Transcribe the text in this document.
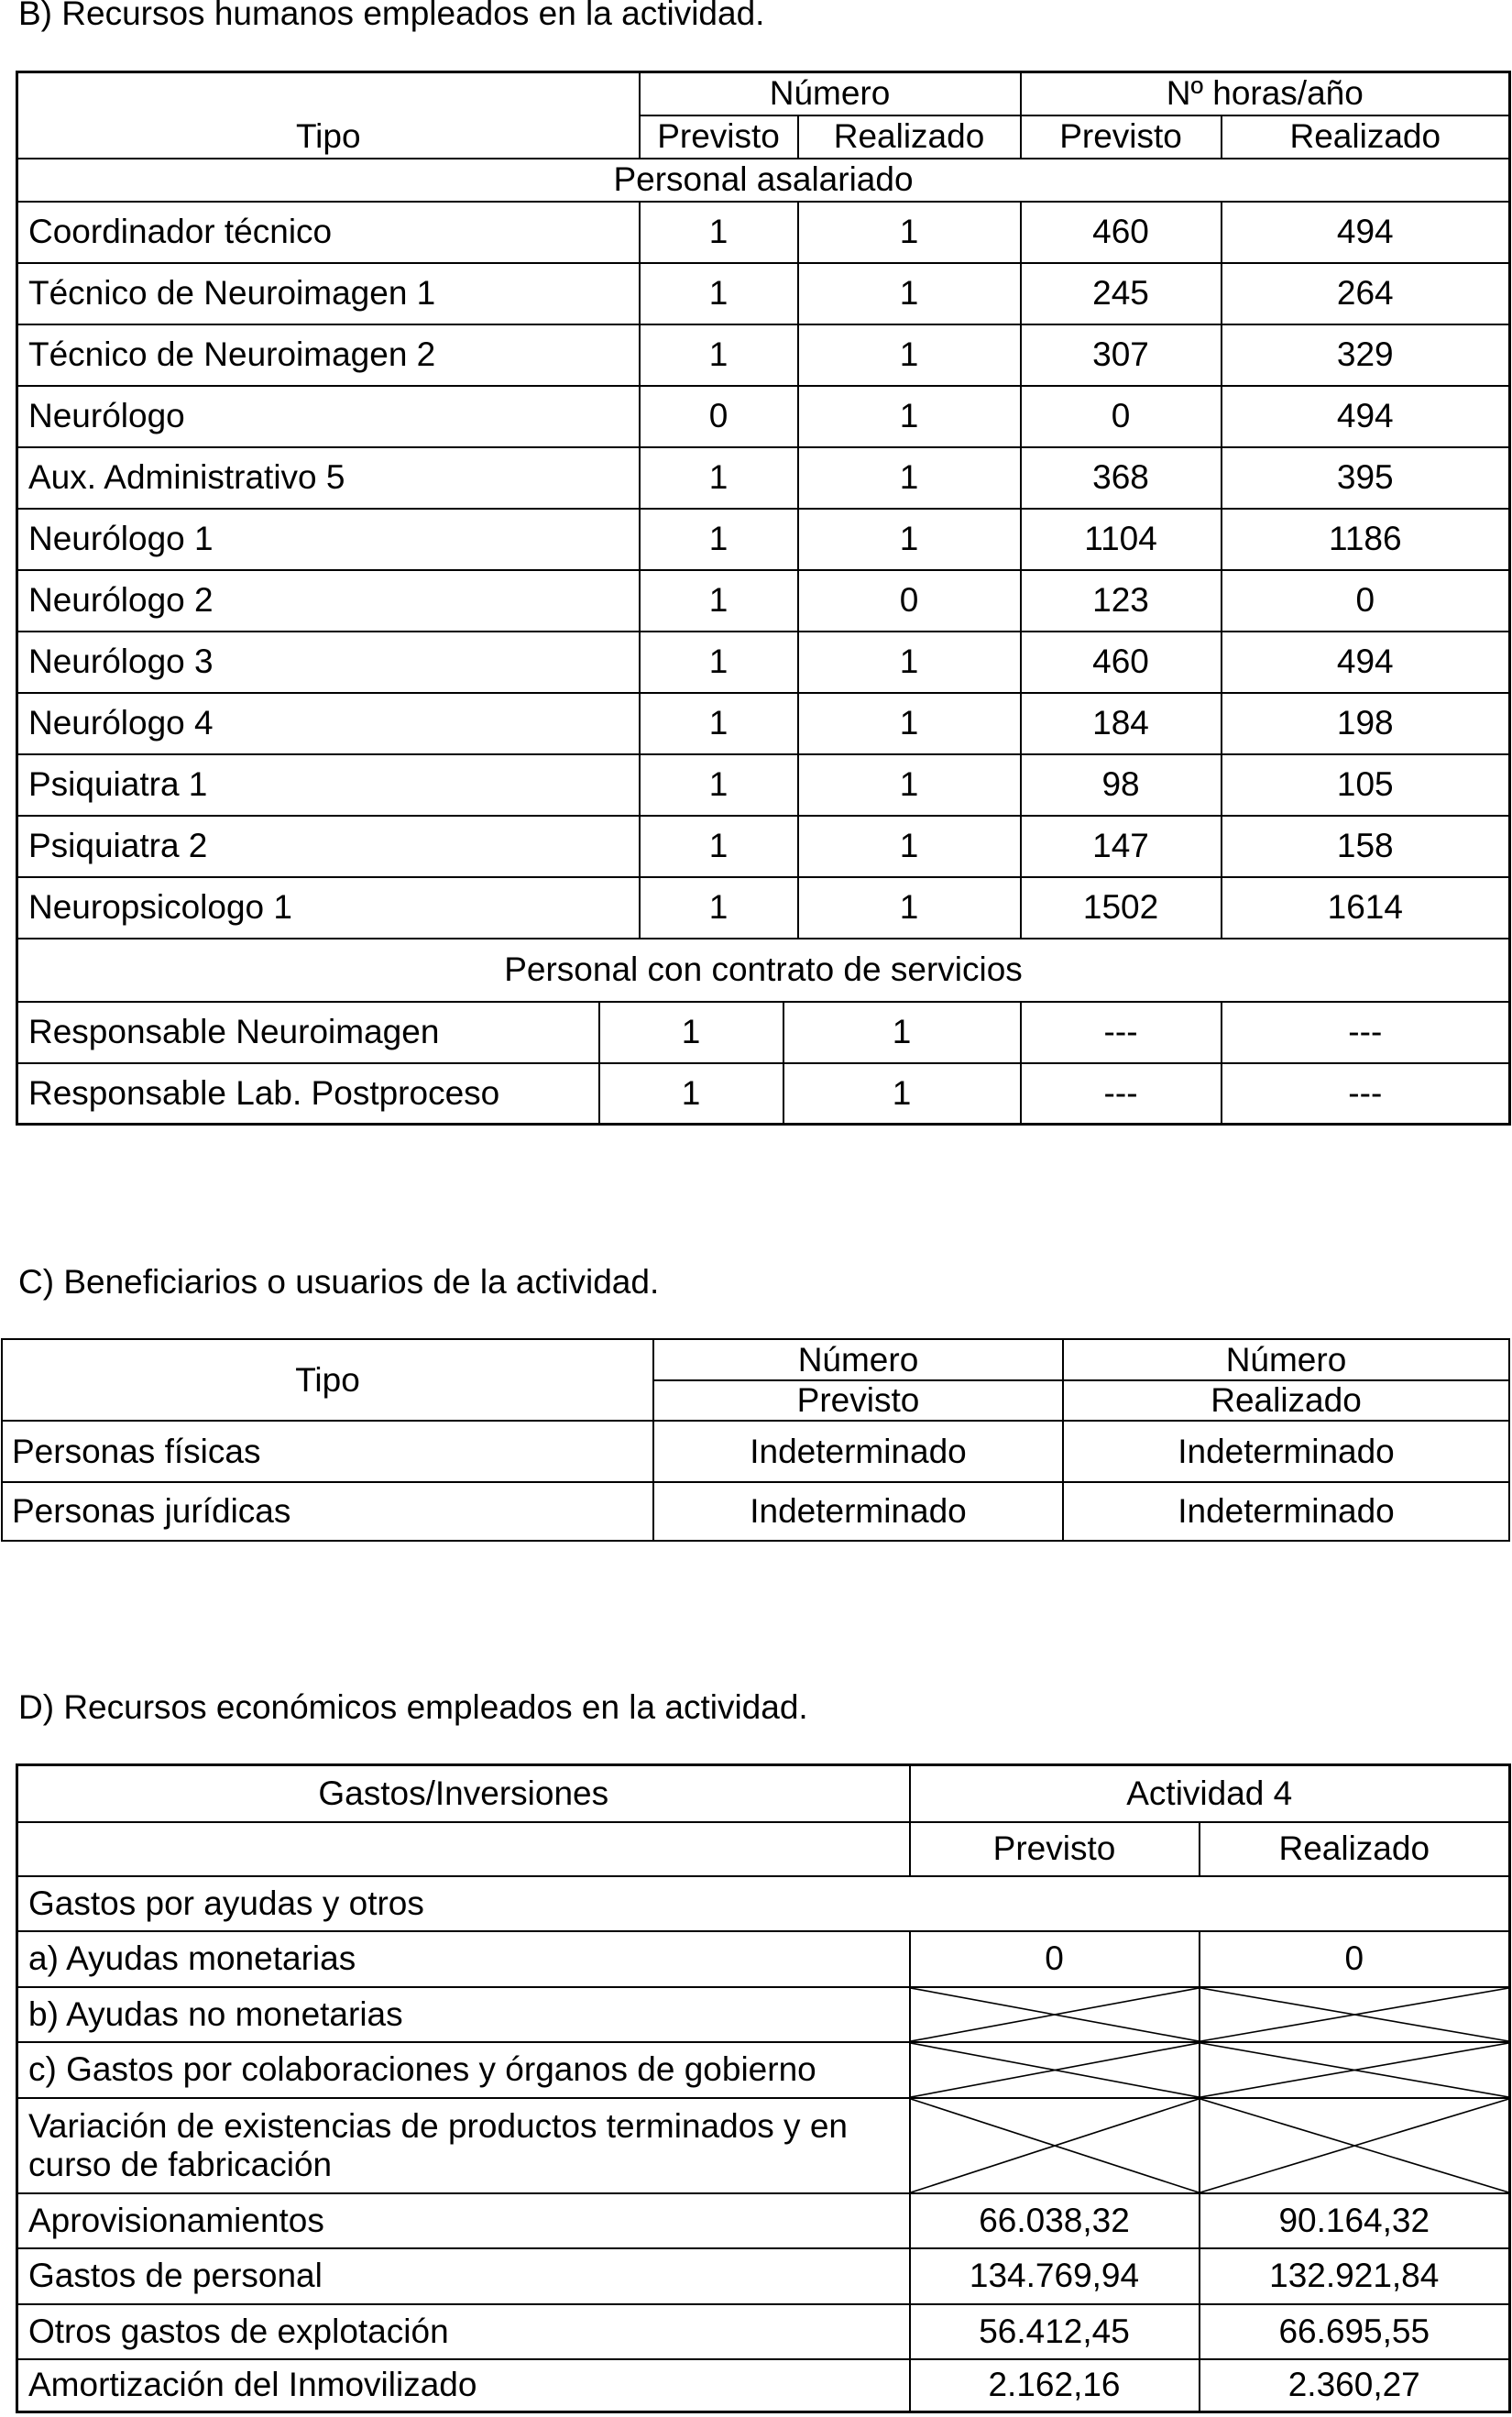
B) Recursos humanos empleados en la actividad.
Tipo		Número			Nº horas/año	
		Previsto		Realizado	Previsto	Realizado
Personal asalariado						
Coordinador técnico		1		1	460	494
Técnico de Neuroimagen 1		1		1	245	264
Técnico de Neuroimagen 2		1		1	307	329
Neurólogo		0		1	0	494
Aux. Administrativo 5		1		1	368	395
Neurólogo 1		1		1	1104	1186
Neurólogo 2		1		0	123	0
Neurólogo 3		1		1	460	494
Neurólogo 4		1		1	184	198
Psiquiatra 1		1		1	98	105
Psiquiatra 2		1		1	147	158
Neuropsicologo 1		1		1	1502	1614
Personal con contrato de servicios						
Responsable Neuroimagen	1		1		---	---
Responsable Lab. Postproceso	1		1		---	---
C) Beneficiarios o usuarios de la actividad.
Tipo	Número	Número
	Previsto	Realizado
Personas físicas	Indeterminado	Indeterminado
Personas jurídicas	Indeterminado	Indeterminado
D) Recursos económicos empleados en la actividad.
Gastos/Inversiones	Actividad 4	
	Previsto	Realizado
Gastos por ayudas y otros		
a) Ayudas monetarias	0	0
b) Ayudas no monetarias	

c) Gastos por colaboraciones y órganos de gobierno	

Variación de existencias de productos terminados y en curso de fabricación	

Aprovisionamientos	66.038,32	90.164,32
Gastos de personal	134.769,94	132.921,84
Otros gastos de explotación	56.412,45	66.695,55
Amortización del Inmovilizado	2.162,16	2.360,27
